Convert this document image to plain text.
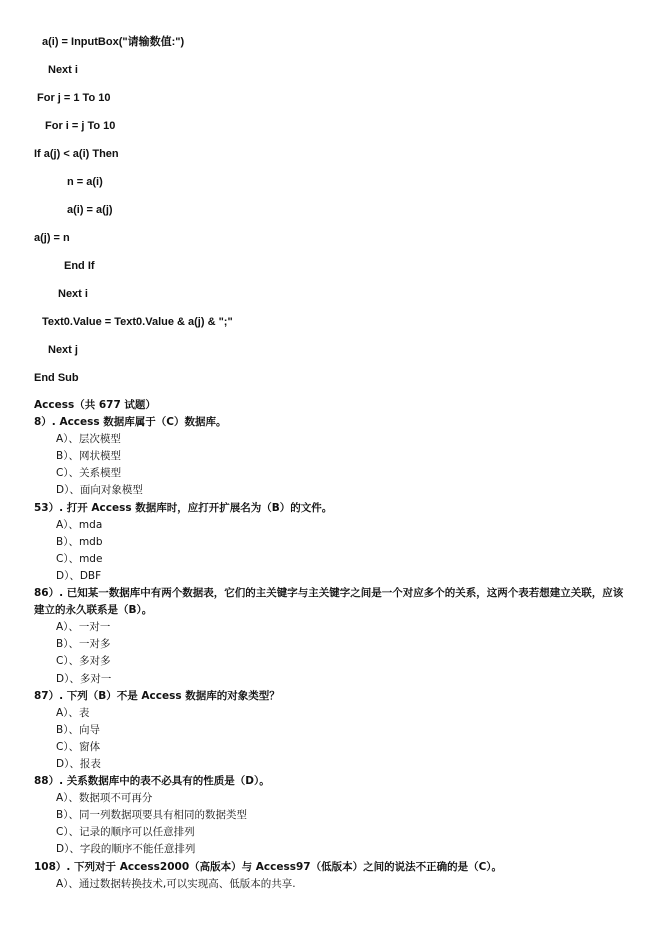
a(i) = InputBox("请输数值:")
Next i
For j = 1 To 10
For i = j To 10
If a(j) < a(i) Then
n = a(i)
a(i) = a(j)
a(j) = n
End If
Next i
Text0.Value = Text0.Value & a(j) & ";"
Next j
End Sub
Access（共 677 试题）
8）. Access 数据库属于（C）数据库。
A）、层次模型
B）、网状模型
C）、关系模型
D）、面向对象模型
53）. 打开 Access 数据库时，应打开扩展名为（B）的文件。
A）、mda
B）、mdb
C）、mde
D）、DBF
86）. 已知某一数据库中有两个数据表，它们的主关键字与主关键字之间是一个对应多个的关系，这两个表若想建立关联，应该建立的永久联系是（B）。
A）、一对一
B）、一对多
C）、多对多
D）、多对一
87）. 下列（B）不是 Access 数据库的对象类型？
A）、表
B）、向导
C）、窗体
D）、报表
88）. 关系数据库中的表不必具有的性质是（D）。
A）、数据项不可再分
B）、同一列数据项要具有相同的数据类型
C）、记录的顺序可以任意排列
D）、字段的顺序不能任意排列
108）. 下列对于 Access2000（高版本）与 Access97（低版本）之间的说法不正确的是（C）。
A）、通过数据转换技术,可以实现高、低版本的共享.
